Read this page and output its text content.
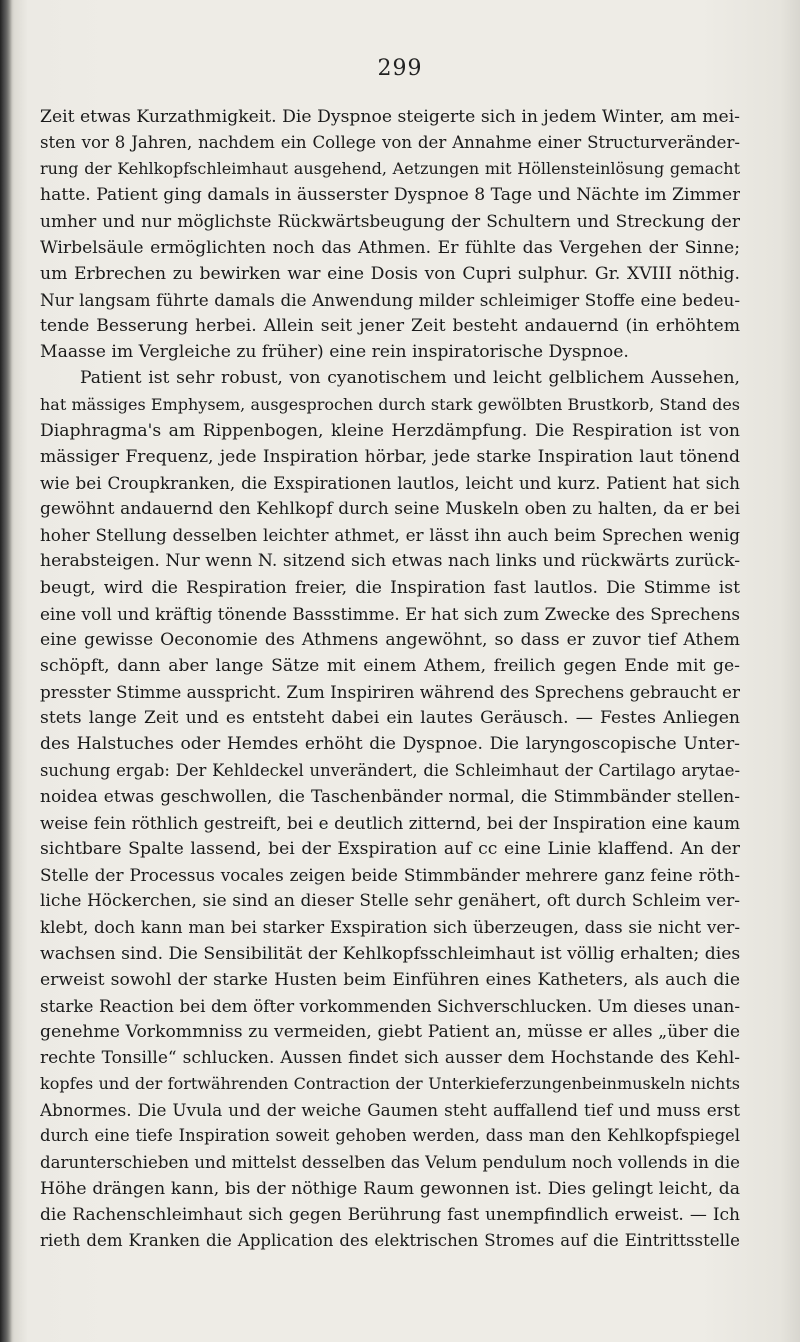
299
Zeit etwas Kurzathmigkeit. Die Dyspnoe steigerte sich in jedem Winter, am mei-
sten vor 8 Jahren, nachdem ein College von der Annahme einer Structurveränder-
rung der Kehlkopfschleimhaut ausgehend, Aetzungen mit Höllensteinlösung gemacht
hatte. Patient ging damals in äusserster Dyspnoe 8 Tage und Nächte im Zimmer
umher und nur möglichste Rückwärtsbeugung der Schultern und Streckung der
Wirbelsäule ermöglichten noch das Athmen. Er fühlte das Vergehen der Sinne;
um Erbrechen zu bewirken war eine Dosis von Cupri sulphur. Gr. XVIII nöthig.
Nur langsam führte damals die Anwendung milder schleimiger Stoffe eine bedeu-
tende Besserung herbei. Allein seit jener Zeit besteht andauernd (in erhöhtem
Maasse im Vergleiche zu früher) eine rein inspiratorische Dyspnoe.
Patient ist sehr robust, von cyanotischem und leicht gelblichem Aussehen,
hat mässiges Emphysem, ausgesprochen durch stark gewölbten Brustkorb, Stand des
Diaphragma's am Rippenbogen, kleine Herzdämpfung. Die Respiration ist von
mässiger Frequenz, jede Inspiration hörbar, jede starke Inspiration laut tönend
wie bei Croupkranken, die Exspirationen lautlos, leicht und kurz. Patient hat sich
gewöhnt andauernd den Kehlkopf durch seine Muskeln oben zu halten, da er bei
hoher Stellung desselben leichter athmet, er lässt ihn auch beim Sprechen wenig
herabsteigen. Nur wenn N. sitzend sich etwas nach links und rückwärts zurück-
beugt, wird die Respiration freier, die Inspiration fast lautlos. Die Stimme ist
eine voll und kräftig tönende Bassstimme. Er hat sich zum Zwecke des Sprechens
eine gewisse Oeconomie des Athmens angewöhnt, so dass er zuvor tief Athem
schöpft, dann aber lange Sätze mit einem Athem, freilich gegen Ende mit ge-
presster Stimme ausspricht. Zum Inspiriren während des Sprechens gebraucht er
stets lange Zeit und es entsteht dabei ein lautes Geräusch. — Festes Anliegen
des Halstuches oder Hemdes erhöht die Dyspnoe. Die laryngoscopische Unter-
suchung ergab: Der Kehldeckel unverändert, die Schleimhaut der Cartilago arytae-
noidea etwas geschwollen, die Taschenbänder normal, die Stimmbänder stellen-
weise fein röthlich gestreift, bei e deutlich zitternd, bei der Inspiration eine kaum
sichtbare Spalte lassend, bei der Exspiration auf cc eine Linie klaffend. An der
Stelle der Processus vocales zeigen beide Stimmbänder mehrere ganz feine röth-
liche Höckerchen, sie sind an dieser Stelle sehr genähert, oft durch Schleim ver-
klebt, doch kann man bei starker Exspiration sich überzeugen, dass sie nicht ver-
wachsen sind. Die Sensibilität der Kehlkopfsschleimhaut ist völlig erhalten; dies
erweist sowohl der starke Husten beim Einführen eines Katheters, als auch die
starke Reaction bei dem öfter vorkommenden Sichverschlucken. Um dieses unan-
genehme Vorkommniss zu vermeiden, giebt Patient an, müsse er alles „über die
rechte Tonsille“ schlucken. Aussen findet sich ausser dem Hochstande des Kehl-
kopfes und der fortwährenden Contraction der Unterkieferzungenbeinmuskeln nichts
Abnormes. Die Uvula und der weiche Gaumen steht auffallend tief und muss erst
durch eine tiefe Inspiration soweit gehoben werden, dass man den Kehlkopfspiegel
darunterschieben und mittelst desselben das Velum pendulum noch vollends in die
Höhe drängen kann, bis der nöthige Raum gewonnen ist. Dies gelingt leicht, da
die Rachenschleimhaut sich gegen Berührung fast unempfindlich erweist. — Ich
rieth dem Kranken die Application des elektrischen Stromes auf die Eintrittsstelle
